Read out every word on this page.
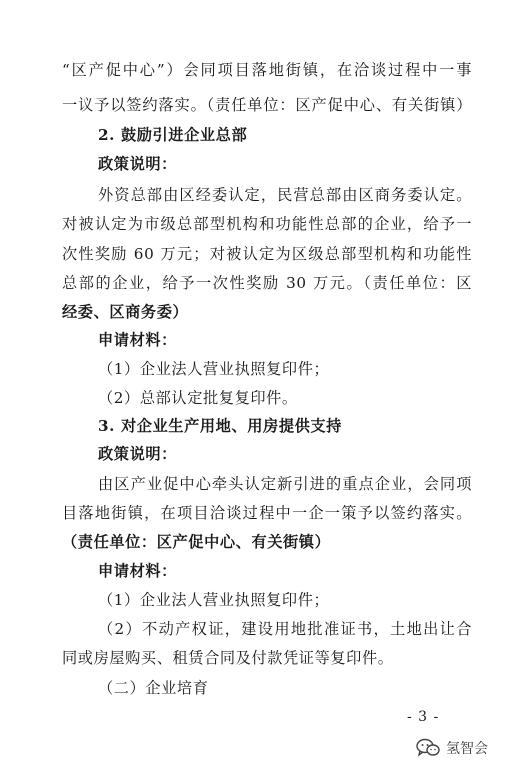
“区产促中心”）会同项目落地街镇，在洽谈过程中一事
一议予以签约落实。（责任单位：区产促中心、有关街镇）
2. 鼓励引进企业总部
政策说明：
外资总部由区经委认定，民营总部由区商务委认定。
对被认定为市级总部型机构和功能性总部的企业，给予一
次性奖励 60 万元；对被认定为区级总部型机构和功能性
总部的企业，给予一次性奖励 30 万元。（责任单位：区
经委、区商务委）
申请材料：
（1）企业法人营业执照复印件；
（2）总部认定批复复印件。
3. 对企业生产用地、用房提供支持
政策说明：
由区产业促中心牵头认定新引进的重点企业，会同项
目落地街镇，在项目洽谈过程中一企一策予以签约落实。
（责任单位：区产促中心、有关街镇）
申请材料：
（1）企业法人营业执照复印件；
（2）不动产权证，建设用地批准证书，土地出让合
同或房屋购买、租赁合同及付款凭证等复印件。
（二）企业培育
- 3 -
氢智会
